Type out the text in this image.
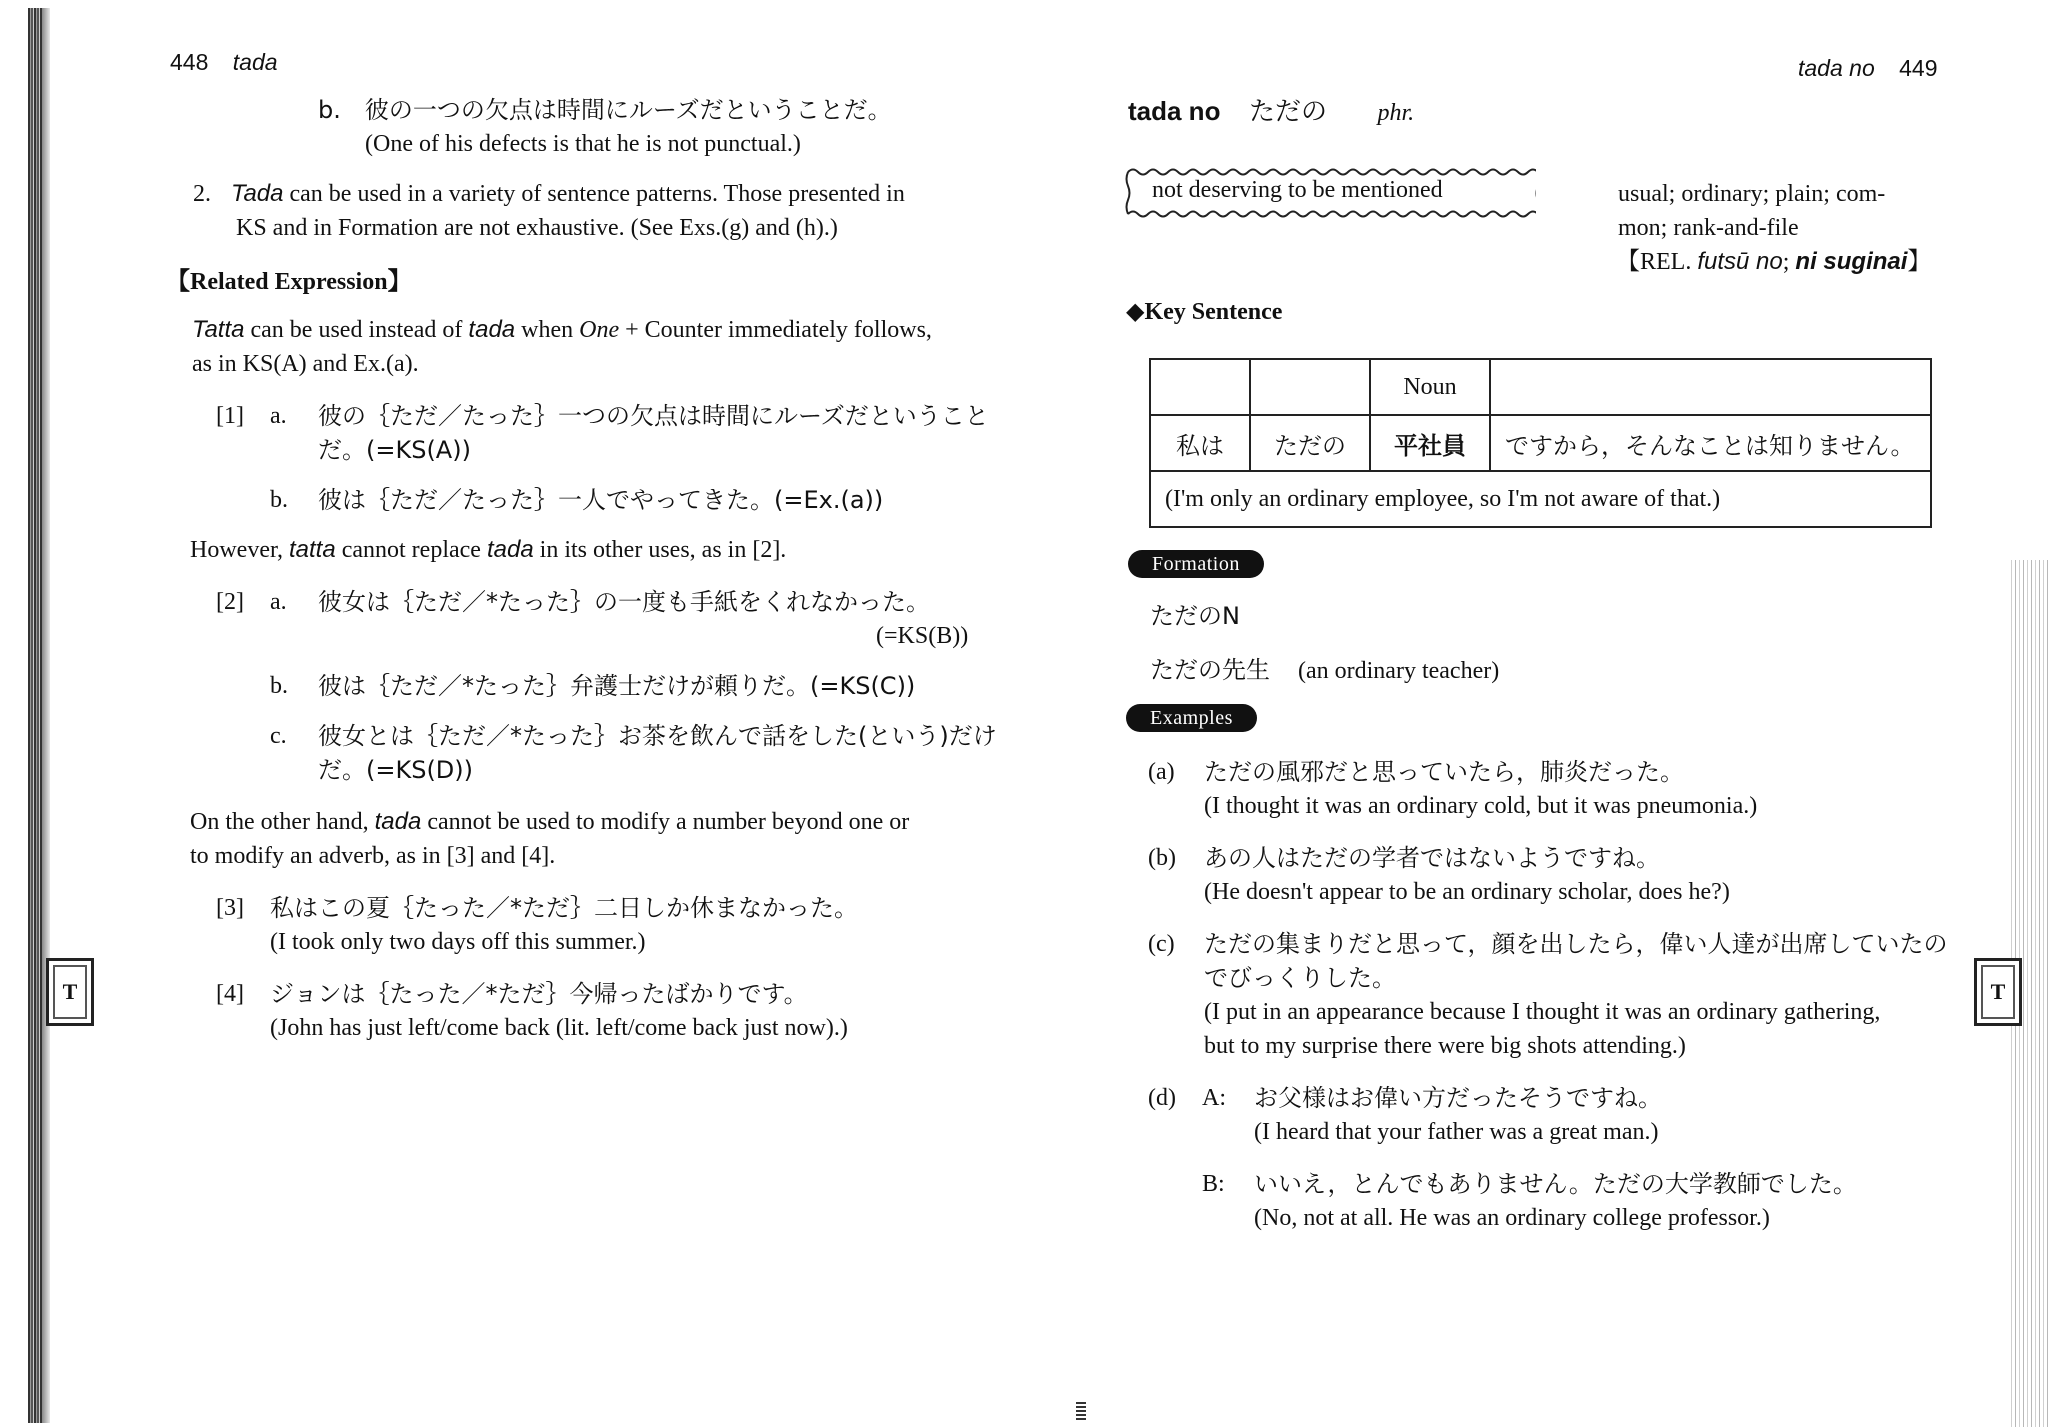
448 tada
b.　彼の一つの欠点は時間にルーズだということだ。
(One of his defects is that he is not punctual.)
2. Tada can be used in a variety of sentence patterns. Those presented in
KS and in Formation are not exhaustive. (See Exs.(g) and (h).)
【Related Expression】
Tatta can be used instead of tada when One + Counter immediately follows,
as in KS(A) and Ex.(a).
[1] a. 彼の｛ただ／たった｝一つの欠点は時間にルーズだということ
だ。(=KS(A))
b. 彼は｛ただ／たった｝一人でやってきた。(=Ex.(a))
However, tatta cannot replace tada in its other uses, as in [2].
[2] a. 彼女は｛ただ／*たった｝の一度も手紙をくれなかった。
(=KS(B))
b. 彼は｛ただ／*たった｝弁護士だけが頼りだ。(=KS(C))
c. 彼女とは｛ただ／*たった｝お茶を飲んで話をした(という)だけ
だ。(=KS(D))
On the other hand, tada cannot be used to modify a number beyond one or
to modify an adverb, as in [3] and [4].
[3] 私はこの夏｛たった／*ただ｝二日しか休まなかった。
(I took only two days off this summer.)
[4] ジョンは｛たった／*ただ｝今帰ったばかりです。
(John has just left/come back (lit. left/come back just now).)
T
tada no 449
tada no ただの phr.
not deserving to be mentioned	usual; ordinary; plain; com-
mon; rank-and-file
【REL. futsū no; ni suginai】
◆Key Sentence
		Noun	
私は	ただの	平社員	ですから，そんなことは知りません。
(I'm only an ordinary employee, so I'm not aware of that.)			
Formation
ただのN
ただの先生 (an ordinary teacher)
Examples
(a) ただの風邪だと思っていたら，肺炎だった。
(I thought it was an ordinary cold, but it was pneumonia.)
(b) あの人はただの学者ではないようですね。
(He doesn't appear to be an ordinary scholar, does he?)
(c) ただの集まりだと思って，顔を出したら，偉い人達が出席していたの
でびっくりした。
(I put in an appearance because I thought it was an ordinary gathering,
but to my surprise there were big shots attending.)
(d) A: お父様はお偉い方だったそうですね。
(I heard that your father was a great man.)
B: いいえ，とんでもありません。ただの大学教師でした。
(No, not at all. He was an ordinary college professor.)
T
